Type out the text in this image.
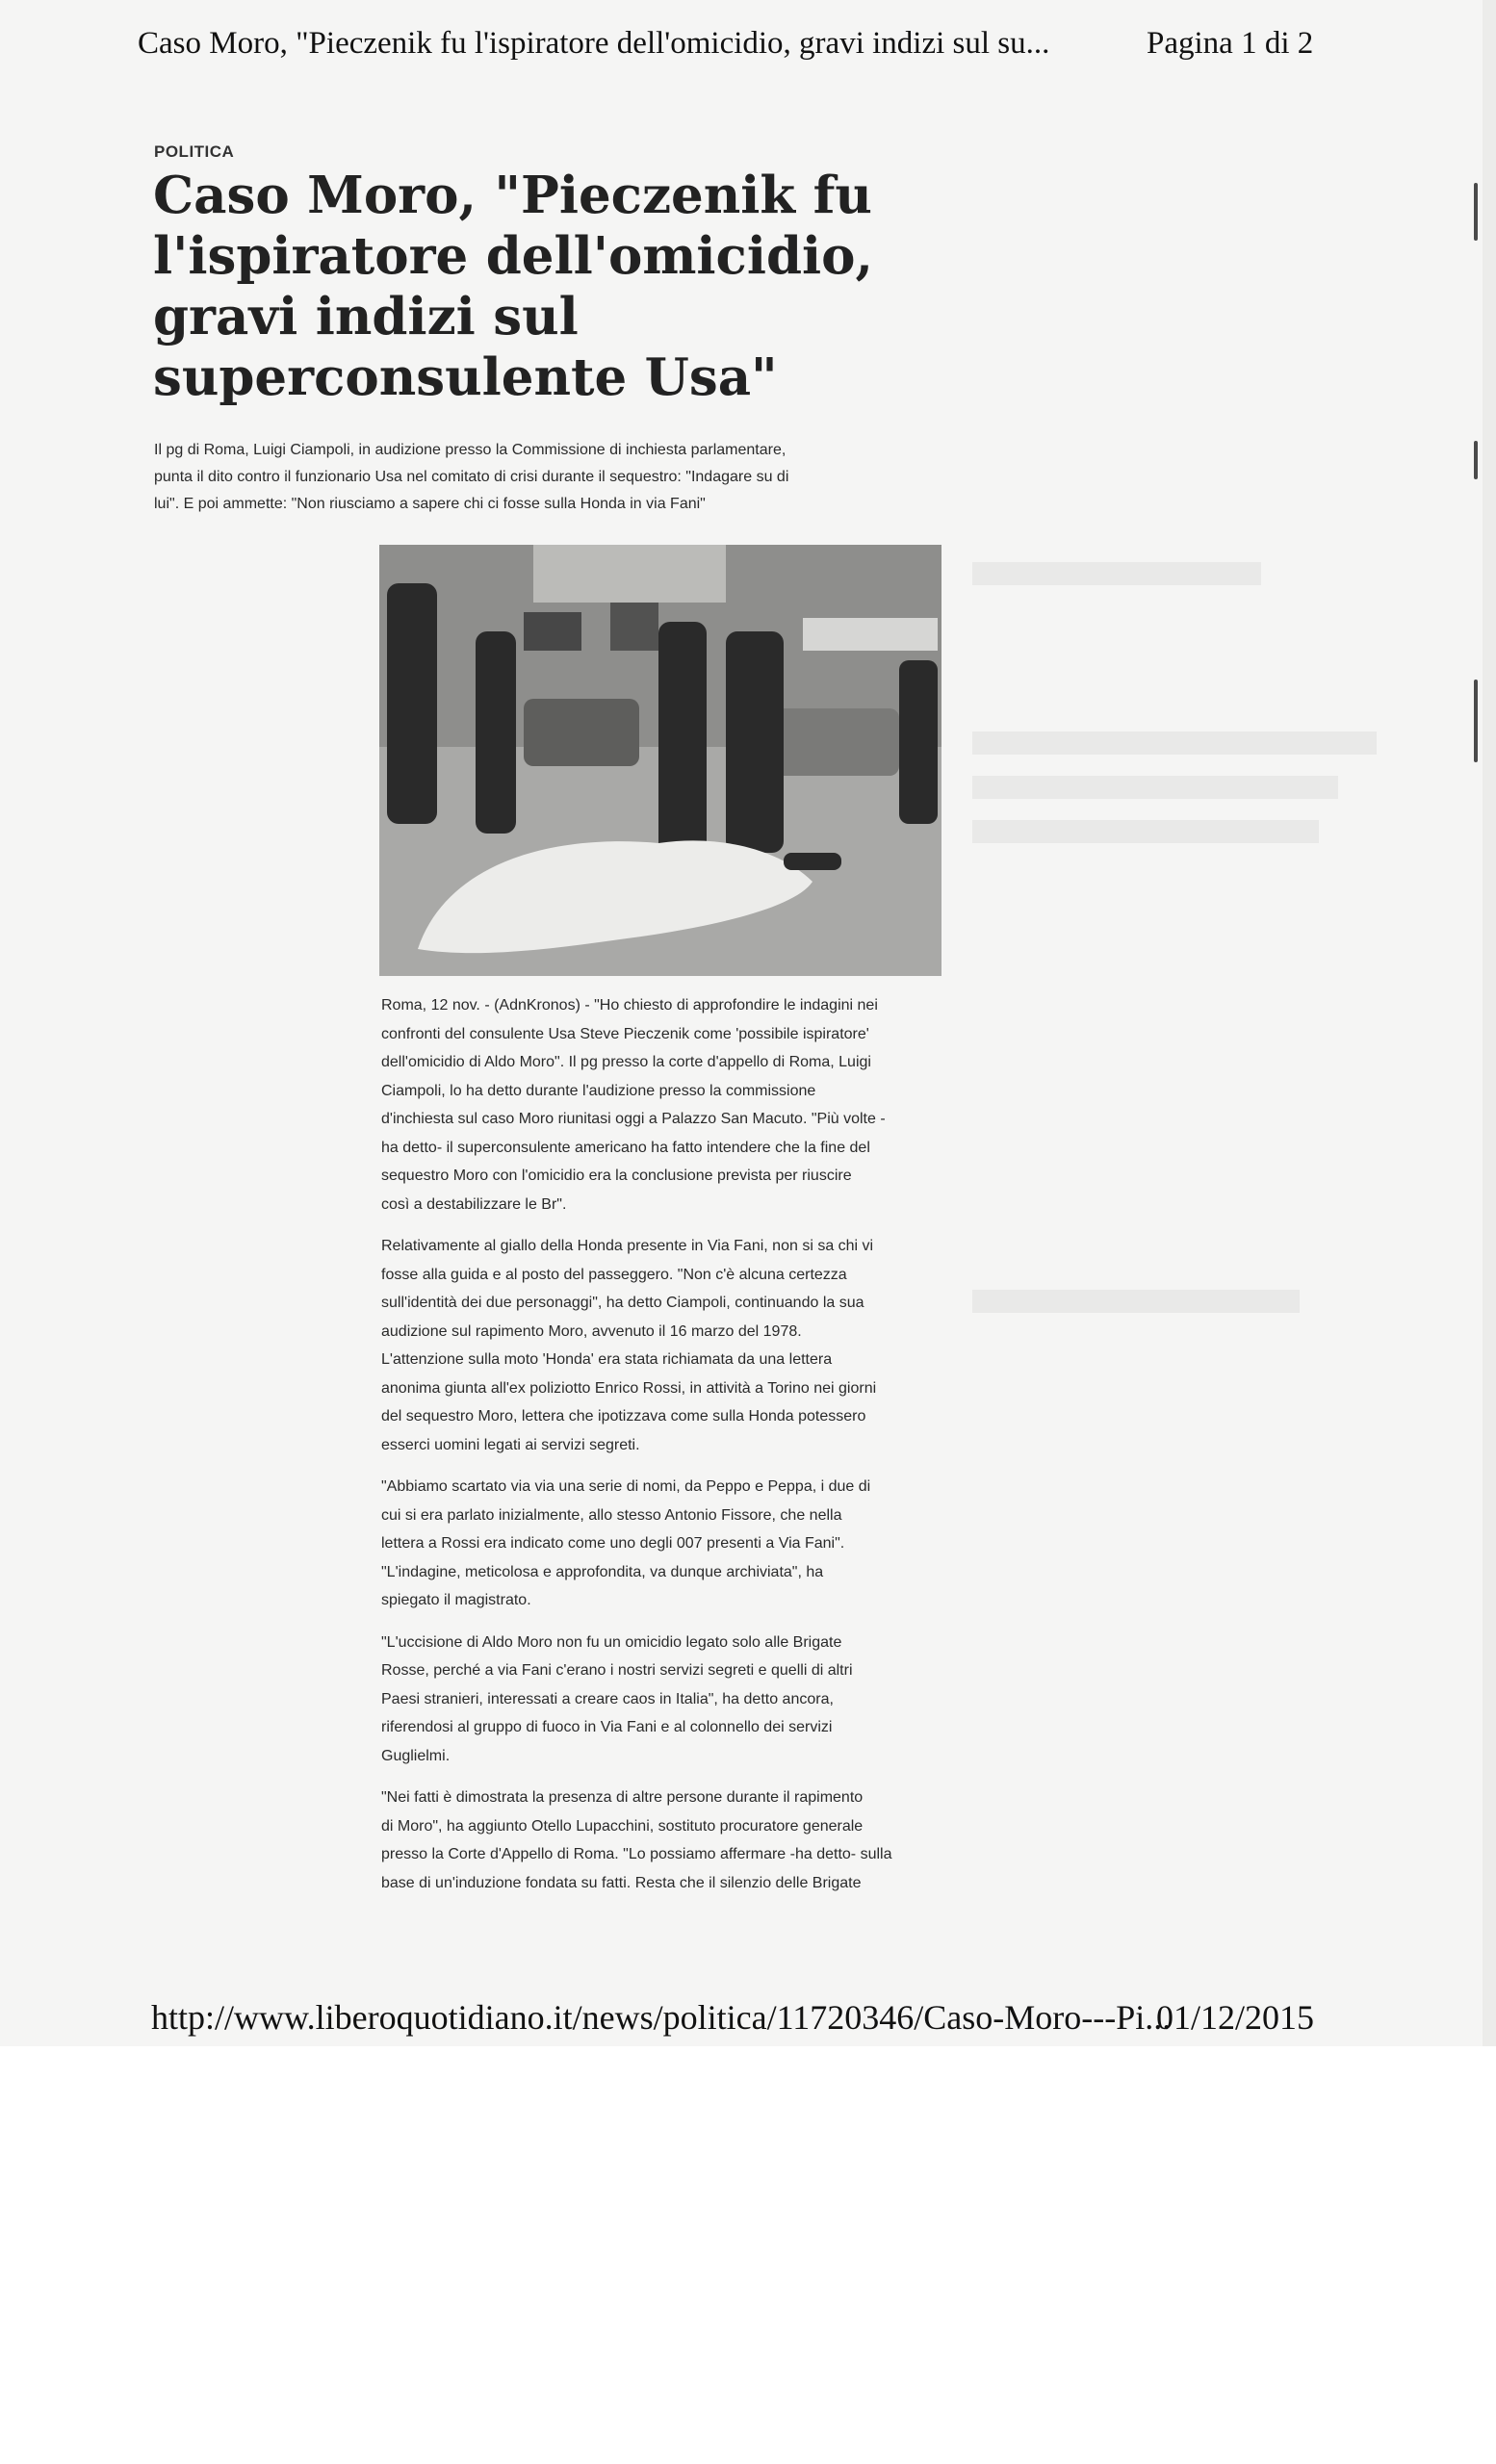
Caso Moro, "Pieczenik fu l'ispiratore dell'omicidio, gravi indizi sul su...	Pagina 1 di 2
POLITICA
Caso Moro, "Pieczenik fu
l'ispiratore dell'omicidio,
gravi indizi sul
superconsulente Usa"
Il pg di Roma, Luigi Ciampoli, in audizione presso la Commissione di inchiesta parlamentare,
punta il dito contro il funzionario Usa nel comitato di crisi durante il sequestro: "Indagare su di
lui". E poi ammette: "Non riusciamo a sapere chi ci fosse sulla Honda in via Fani"

Roma, 12 nov. - (AdnKronos) - "Ho chiesto di approfondire le indagini nei
confronti del consulente Usa Steve Pieczenik come 'possibile ispiratore'
dell'omicidio di Aldo Moro". Il pg presso la corte d'appello di Roma, Luigi
Ciampoli, lo ha detto durante l'audizione presso la commissione
d'inchiesta sul caso Moro riunitasi oggi a Palazzo San Macuto. "Più volte -
ha detto- il superconsulente americano ha fatto intendere che la fine del
sequestro Moro con l'omicidio era la conclusione prevista per riuscire
così a destabilizzare le Br".

Relativamente al giallo della Honda presente in Via Fani, non si sa chi vi
fosse alla guida e al posto del passeggero. "Non c'è alcuna certezza
sull'identità dei due personaggi", ha detto Ciampoli, continuando la sua
audizione sul rapimento Moro, avvenuto il 16 marzo del 1978.
L'attenzione sulla moto 'Honda' era stata richiamata da una lettera
anonima giunta all'ex poliziotto Enrico Rossi, in attività a Torino nei giorni
del sequestro Moro, lettera che ipotizzava come sulla Honda potessero
esserci uomini legati ai servizi segreti.

"Abbiamo scartato via via una serie di nomi, da Peppo e Peppa, i due di
cui si era parlato inizialmente, allo stesso Antonio Fissore, che nella
lettera a Rossi era indicato come uno degli 007 presenti a Via Fani".
"L'indagine, meticolosa e approfondita, va dunque archiviata", ha
spiegato il magistrato.

"L'uccisione di Aldo Moro non fu un omicidio legato solo alle Brigate
Rosse, perché a via Fani c'erano i nostri servizi segreti e quelli di altri
Paesi stranieri, interessati a creare caos in Italia", ha detto ancora,
riferendosi al gruppo di fuoco in Via Fani e al colonnello dei servizi
Guglielmi.

"Nei fatti è dimostrata la presenza di altre persone durante il rapimento
di Moro", ha aggiunto Otello Lupacchini, sostituto procuratore generale
presso la Corte d'Appello di Roma. "Lo possiamo affermare -ha detto- sulla
base di un'induzione fondata su fatti. Resta che il silenzio delle Brigate

http://www.liberoquotidiano.it/news/politica/11720346/Caso-Moro---Pi...
01/12/2015
